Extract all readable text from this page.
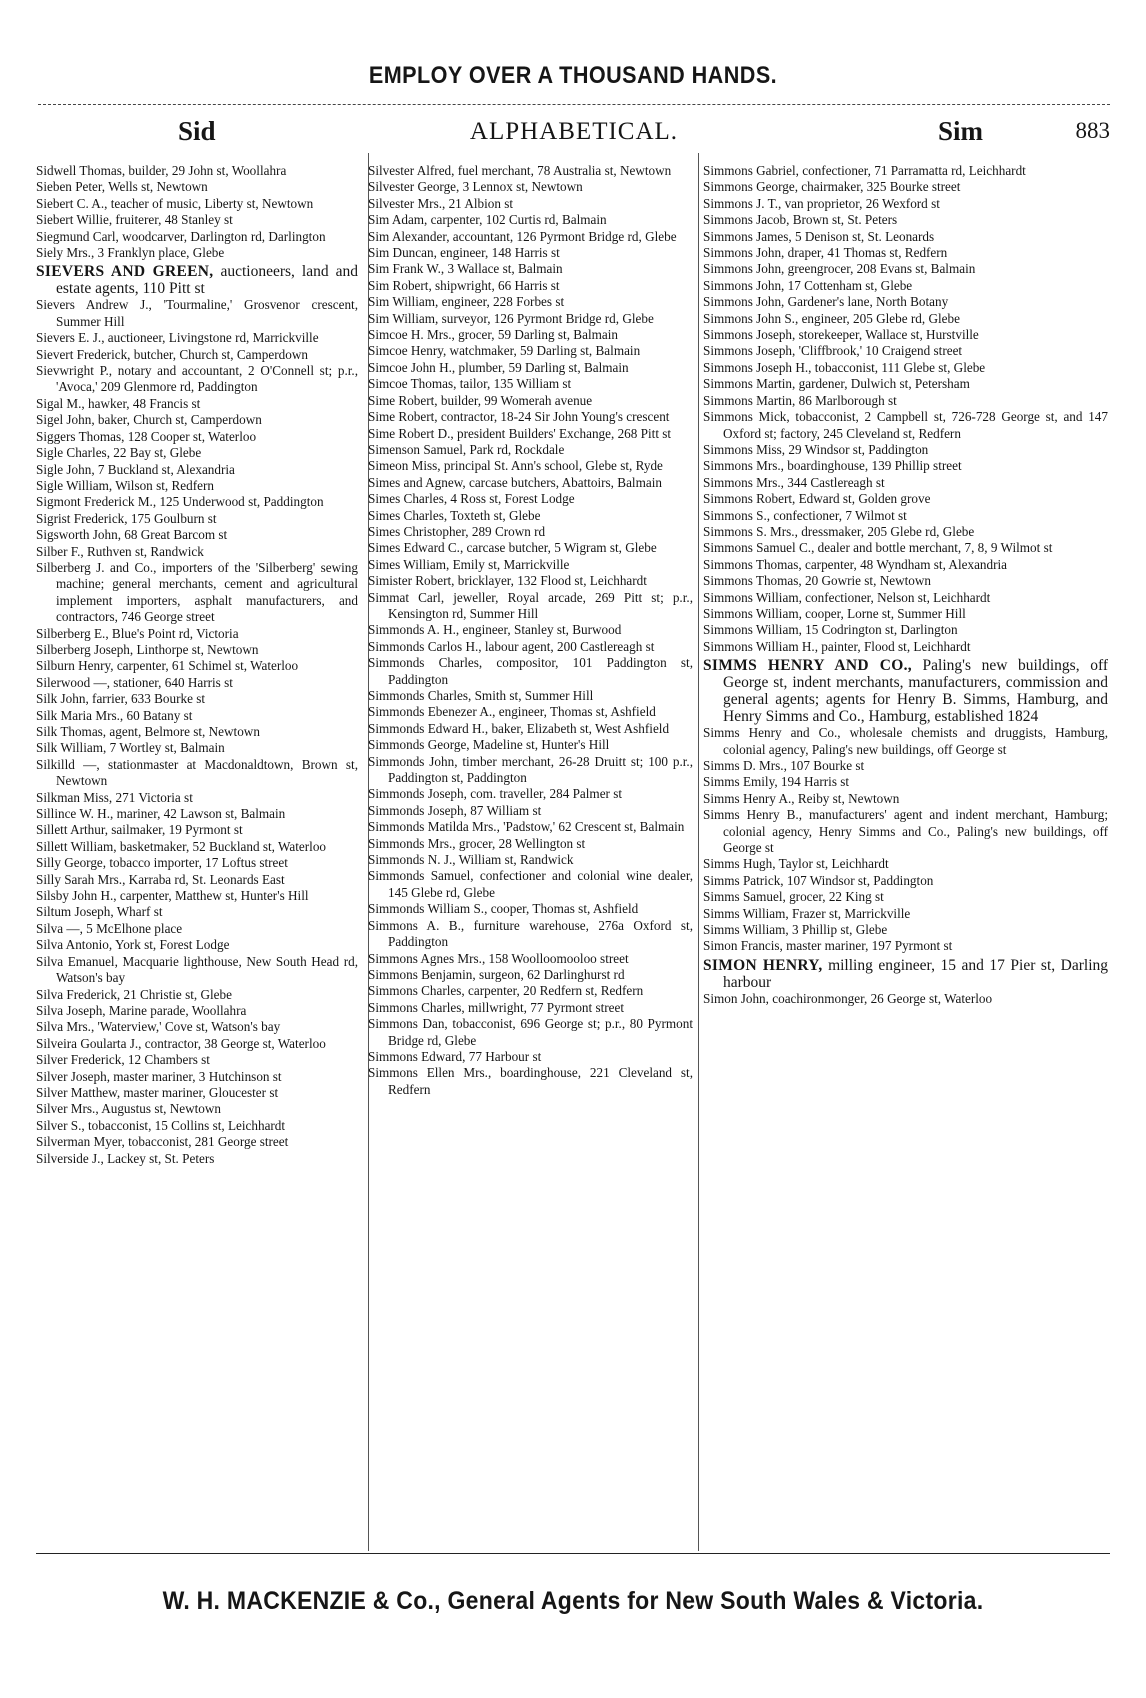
EMPLOY OVER A THOUSAND HANDS.
Sid	ALPHABETICAL.	Sim	883

Sidwell Thomas, builder, 29 John st, Woollahra

Sieben Peter, Wells st, Newtown

Siebert C. A., teacher of music, Liberty st, Newtown

Siebert Willie, fruiterer, 48 Stanley st

Siegmund Carl, woodcarver, Darlington rd, Darlington

Siely Mrs., 3 Franklyn place, Glebe

SIEVERS AND GREEN, auctioneers, land and estate agents, 110 Pitt st

Sievers Andrew J., 'Tourmaline,' Grosvenor crescent, Summer Hill

Sievers E. J., auctioneer, Livingstone rd, Marrickville

Sievert Frederick, butcher, Church st, Camperdown

Sievwright P., notary and accountant, 2 O'Connell st; p.r., 'Avoca,' 209 Glenmore rd, Paddington

Sigal M., hawker, 48 Francis st

Sigel John, baker, Church st, Camperdown

Siggers Thomas, 128 Cooper st, Waterloo

Sigle Charles, 22 Bay st, Glebe

Sigle John, 7 Buckland st, Alexandria

Sigle William, Wilson st, Redfern

Sigmont Frederick M., 125 Underwood st, Paddington

Sigrist Frederick, 175 Goulburn st

Sigsworth John, 68 Great Barcom st

Silber F., Ruthven st, Randwick

Silberberg J. and Co., importers of the 'Silberberg' sewing machine; general merchants, cement and agricultural implement importers, asphalt manufacturers, and contractors, 746 George street

Silberberg E., Blue's Point rd, Victoria

Silberberg Joseph, Linthorpe st, Newtown

Silburn Henry, carpenter, 61 Schimel st, Waterloo

Silerwood —, stationer, 640 Harris st

Silk John, farrier, 633 Bourke st

Silk Maria Mrs., 60 Batany st

Silk Thomas, agent, Belmore st, Newtown

Silk William, 7 Wortley st, Balmain

Silkilld —, stationmaster at Macdonaldtown, Brown st, Newtown

Silkman Miss, 271 Victoria st

Sillince W. H., mariner, 42 Lawson st, Balmain

Sillett Arthur, sailmaker, 19 Pyrmont st

Sillett William, basketmaker, 52 Buckland st, Waterloo

Silly George, tobacco importer, 17 Loftus street

Silly Sarah Mrs., Karraba rd, St. Leonards East

Silsby John H., carpenter, Matthew st, Hunter's Hill

Siltum Joseph, Wharf st

Silva —, 5 McElhone place

Silva Antonio, York st, Forest Lodge

Silva Emanuel, Macquarie lighthouse, New South Head rd, Watson's bay

Silva Frederick, 21 Christie st, Glebe

Silva Joseph, Marine parade, Woollahra

Silva Mrs., 'Waterview,' Cove st, Watson's bay

Silveira Goularta J., contractor, 38 George st, Waterloo

Silver Frederick, 12 Chambers st

Silver Joseph, master mariner, 3 Hutchinson st

Silver Matthew, master mariner, Gloucester st

Silver Mrs., Augustus st, Newtown

Silver S., tobacconist, 15 Collins st, Leichhardt

Silverman Myer, tobacconist, 281 George street

Silverside J., Lackey st, St. Peters

Silvester Alfred, fuel merchant, 78 Australia st, Newtown

Silvester George, 3 Lennox st, Newtown

Silvester Mrs., 21 Albion st

Sim Adam, carpenter, 102 Curtis rd, Balmain

Sim Alexander, accountant, 126 Pyrmont Bridge rd, Glebe

Sim Duncan, engineer, 148 Harris st

Sim Frank W., 3 Wallace st, Balmain

Sim Robert, shipwright, 66 Harris st

Sim William, engineer, 228 Forbes st

Sim William, surveyor, 126 Pyrmont Bridge rd, Glebe

Simcoe H. Mrs., grocer, 59 Darling st, Balmain

Simcoe Henry, watchmaker, 59 Darling st, Balmain

Simcoe John H., plumber, 59 Darling st, Balmain

Simcoe Thomas, tailor, 135 William st

Sime Robert, builder, 99 Womerah avenue

Sime Robert, contractor, 18-24 Sir John Young's crescent

Sime Robert D., president Builders' Exchange, 268 Pitt st

Simenson Samuel, Park rd, Rockdale

Simeon Miss, principal St. Ann's school, Glebe st, Ryde

Simes and Agnew, carcase butchers, Abattoirs, Balmain

Simes Charles, 4 Ross st, Forest Lodge

Simes Charles, Toxteth st, Glebe

Simes Christopher, 289 Crown rd

Simes Edward C., carcase butcher, 5 Wigram st, Glebe

Simes William, Emily st, Marrickville

Simister Robert, bricklayer, 132 Flood st, Leichhardt

Simmat Carl, jeweller, Royal arcade, 269 Pitt st; p.r., Kensington rd, Summer Hill

Simmonds A. H., engineer, Stanley st, Burwood

Simmonds Carlos H., labour agent, 200 Castlereagh st

Simmonds Charles, compositor, 101 Paddington st, Paddington

Simmonds Charles, Smith st, Summer Hill

Simmonds Ebenezer A., engineer, Thomas st, Ashfield

Simmonds Edward H., baker, Elizabeth st, West Ashfield

Simmonds George, Madeline st, Hunter's Hill

Simmonds John, timber merchant, 26-28 Druitt st; 100 p.r., Paddington st, Paddington

Simmonds Joseph, com. traveller, 284 Palmer st

Simmonds Joseph, 87 William st

Simmonds Matilda Mrs., 'Padstow,' 62 Crescent st, Balmain

Simmonds Mrs., grocer, 28 Wellington st

Simmonds N. J., William st, Randwick

Simmonds Samuel, confectioner and colonial wine dealer, 145 Glebe rd, Glebe

Simmonds William S., cooper, Thomas st, Ashfield

Simmons A. B., furniture warehouse, 276a Oxford st, Paddington

Simmons Agnes Mrs., 158 Woolloomooloo street

Simmons Benjamin, surgeon, 62 Darlinghurst rd

Simmons Charles, carpenter, 20 Redfern st, Redfern

Simmons Charles, millwright, 77 Pyrmont street

Simmons Dan, tobacconist, 696 George st; p.r., 80 Pyrmont Bridge rd, Glebe

Simmons Edward, 77 Harbour st

Simmons Ellen Mrs., boardinghouse, 221 Cleveland st, Redfern

Simmons Gabriel, confectioner, 71 Parramatta rd, Leichhardt

Simmons George, chairmaker, 325 Bourke street

Simmons J. T., van proprietor, 26 Wexford st

Simmons Jacob, Brown st, St. Peters

Simmons James, 5 Denison st, St. Leonards

Simmons John, draper, 41 Thomas st, Redfern

Simmons John, greengrocer, 208 Evans st, Balmain

Simmons John, 17 Cottenham st, Glebe

Simmons John, Gardener's lane, North Botany

Simmons John S., engineer, 205 Glebe rd, Glebe

Simmons Joseph, storekeeper, Wallace st, Hurstville

Simmons Joseph, 'Cliffbrook,' 10 Craigend street

Simmons Joseph H., tobacconist, 111 Glebe st, Glebe

Simmons Martin, gardener, Dulwich st, Petersham

Simmons Martin, 86 Marlborough st

Simmons Mick, tobacconist, 2 Campbell st, 726-728 George st, and 147 Oxford st; factory, 245 Cleveland st, Redfern

Simmons Miss, 29 Windsor st, Paddington

Simmons Mrs., boardinghouse, 139 Phillip street

Simmons Mrs., 344 Castlereagh st

Simmons Robert, Edward st, Golden grove

Simmons S., confectioner, 7 Wilmot st

Simmons S. Mrs., dressmaker, 205 Glebe rd, Glebe

Simmons Samuel C., dealer and bottle merchant, 7, 8, 9 Wilmot st

Simmons Thomas, carpenter, 48 Wyndham st, Alexandria

Simmons Thomas, 20 Gowrie st, Newtown

Simmons William, confectioner, Nelson st, Leichhardt

Simmons William, cooper, Lorne st, Summer Hill

Simmons William, 15 Codrington st, Darlington

Simmons William H., painter, Flood st, Leichhardt

SIMMS HENRY AND CO., Paling's new buildings, off George st, indent merchants, manufacturers, commission and general agents; agents for Henry B. Simms, Hamburg, and Henry Simms and Co., Hamburg, established 1824

Simms Henry and Co., wholesale chemists and druggists, Hamburg, colonial agency, Paling's new buildings, off George st

Simms D. Mrs., 107 Bourke st

Simms Emily, 194 Harris st

Simms Henry A., Reiby st, Newtown

Simms Henry B., manufacturers' agent and indent merchant, Hamburg; colonial agency, Henry Simms and Co., Paling's new buildings, off George st

Simms Hugh, Taylor st, Leichhardt

Simms Patrick, 107 Windsor st, Paddington

Simms Samuel, grocer, 22 King st

Simms William, Frazer st, Marrickville

Simms William, 3 Phillip st, Glebe

Simon Francis, master mariner, 197 Pyrmont st

SIMON HENRY, milling engineer, 15 and 17 Pier st, Darling harbour

Simon John, coachironmonger, 26 George st, Waterloo

W. H. MACKENZIE & Co., General Agents for New South Wales & Victoria.
